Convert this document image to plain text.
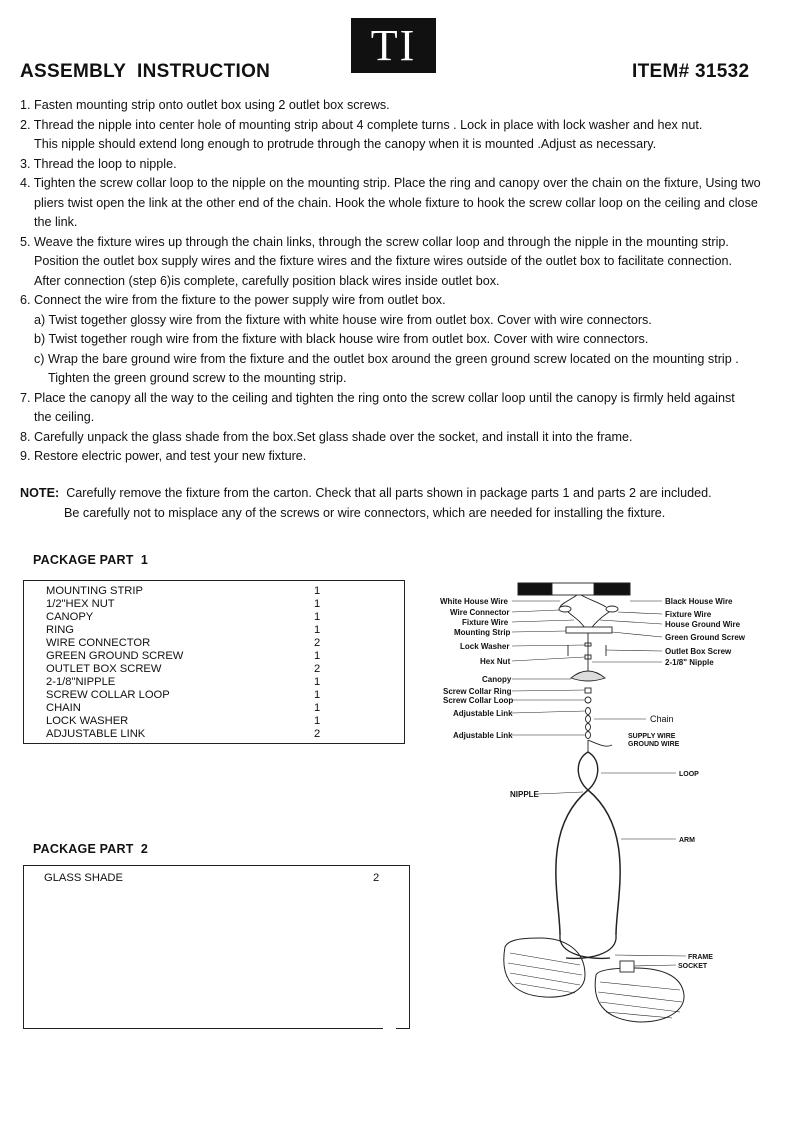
TI
ASSEMBLY  INSTRUCTION	ITEM# 31532
1. Fasten mounting strip onto outlet box using 2 outlet box screws.
2. Thread the nipple into center hole of mounting strip about 4 complete turns . Lock in place with lock washer and hex nut.
This nipple should extend long enough to protrude through the canopy when it is mounted .Adjust as necessary.
3. Thread the loop to nipple.
4. Tighten the screw collar loop to the nipple on the mounting strip. Place the ring and canopy over the chain on the fixture, Using two
pliers twist open the link at the other end of the chain. Hook the whole fixture to hook the screw collar loop on the ceiling and close
the link.
5. Weave the fixture wires up through the chain links, through the screw collar loop and through the nipple in the mounting strip.
Position the outlet box supply wires and the fixture wires and the fixture wires outside of the outlet box to facilitate connection.
After connection (step 6)is complete, carefully position black wires inside outlet box.
6. Connect the wire from the fixture to the power supply wire from outlet box.
a) Twist together glossy wire from the fixture with white house wire from outlet box. Cover with wire connectors.
b) Twist together rough wire from the fixture with black house wire from outlet box. Cover with wire connectors.
c) Wrap the bare ground wire from the fixture and the outlet box around the green ground screw located on the mounting strip .
Tighten the green ground screw to the mounting strip.
7. Place the canopy all the way to the ceiling and tighten the ring onto the screw collar loop until the canopy is firmly held against
the ceiling.
8. Carefully unpack the glass shade from the box.Set glass shade over the socket, and install it into the frame.
9. Restore electric power, and test your new fixture.
NOTE: Carefully remove the fixture from the carton. Check that all parts shown in package parts 1 and parts 2 are included.
Be carefully not to misplace any of the screws or wire connectors, which are needed for installing the fixture.
PACKAGE PART  1
MOUNTING STRIP	1
1/2"HEX NUT	1
CANOPY	1
RING	1
WIRE CONNECTOR	2
GREEN GROUND SCREW	1
OUTLET BOX SCREW	2
2-1/8"NIPPLE	1
SCREW COLLAR LOOP	1
CHAIN	1
LOCK WASHER	1
ADJUSTABLE LINK	2
PACKAGE PART  2
GLASS SHADE	2
White House Wire
Wire Connector
Fixture Wire
Mounting Strip
Lock Washer
Hex Nut
Canopy
Screw Collar Ring
Screw Collar Loop
Adjustable Link
Adjustable Link
NIPPLE
Black House Wire
Fixture Wire
House Ground Wire
Green Ground Screw
Outlet Box Screw
2-1/8" Nipple
Chain
SUPPLY WIRE
GROUND WIRE
LOOP
ARM
FRAME
SOCKET
